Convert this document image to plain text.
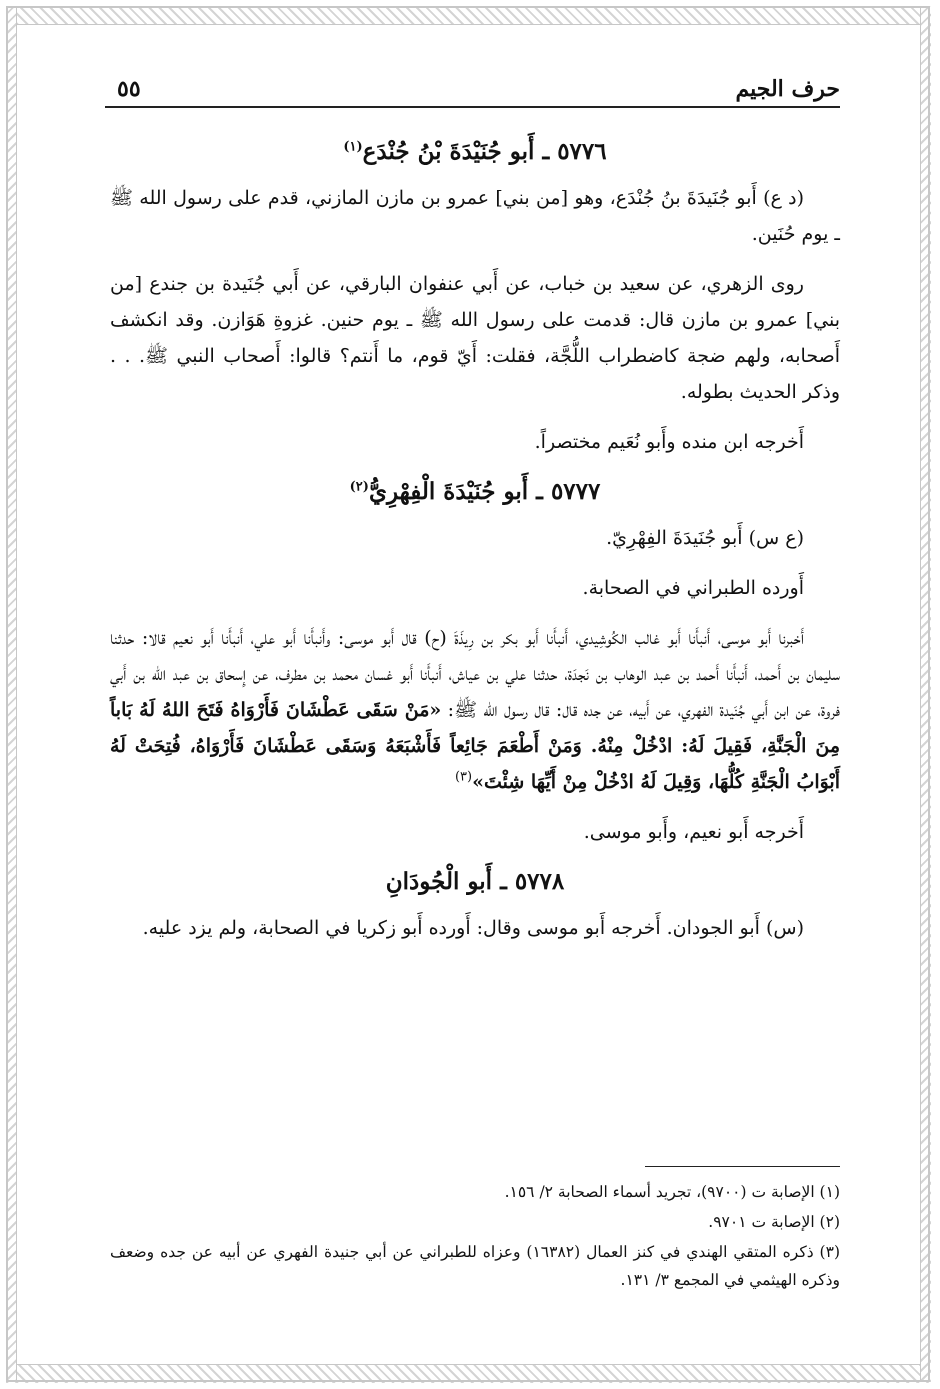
حرف الجيم
٥٥
٥٧٧٦ ـ أَبو جُنَيْدَةَ بْنُ جُنْدَع$^{(١)}$

(د ع) أَبو جُنَيدَةَ بنُ جُنْدَع، وهو [من بني] عمرو بن مازن المازني، قدم على رسول الله ﷺ ـ يوم حُنَين.

روى الزهري، عن سعيد بن خباب، عن أَبي عنفوان البارقي، عن أَبي جُنَيدة بن جندع [من بني] عمرو بن مازن قال: قدمت على رسول الله ﷺ ـ يوم حنين. غزوةِ هَوَازن. وقد انكشف أَصحابه، ولهم ضجة كاضطراب اللُّجَّة، فقلت: أَيّ قوم، ما أَنتم؟ قالوا: أَصحاب النبي ﷺ. . . وذكر الحديث بطوله.

أَخرجه ابن منده وأَبو نُعَيم مختصراً.

٥٧٧٧ ـ أَبو جُنَيْدَةَ الْفِهْرِيُّ$^{(٢)}$

(ع س) أَبو جُنَيدَةَ الفِهْرِيّ.

أَورده الطبراني في الصحابة.

أَخبرنا أَبو موسى، أَنبأَنا أَبو غالب الكُوشِيدي، أَنبأَنا أَبو بكر بن رِيذَةَ (ح) قال أَبو موسى: وأَنبأَنا أَبو علي، أَنبأَنا أَبو نعيم قالا: حدثنا سليمان بن أَحمد، أَنبأَنا أَحمد بن عبد الوهاب بن نَجدَة، حدثنا علي بن عياش، أَنبأَنا أَبو غسان محمد بن مطرف، عن إِسحاق بن عبد الله بن أَبي فروة، عن ابن أَبي جُنَيدة الفهري، عن أَبيه، عن جده قال: قال رسول الله ﷺ: «مَنْ سَقَى عَطْشَانَ فَأَرْوَاهُ فَتَحَ اللهُ لَهُ بَاباً مِنَ الْجَنَّةِ، فَقِيلَ لَهُ: ادْخُلْ مِنْهُ. وَمَنْ أَطْعَمَ جَائِعاً فَأَشْبَعَهُ وَسَقَى عَطْشَانَ فَأَرْوَاهُ، فُتِحَتْ لَهُ أَبْوَابُ الْجَنَّةِ كُلُّهَا، وَقِيلَ لَهُ ادْخُلْ مِنْ أَيِّهَا شِئْتَ»$^{(٣)}$

أَخرجه أَبو نعيم، وأَبو موسى.

٥٧٧٨ ـ أَبو الْجُودَانِ

(س) أَبو الجودان. أَخرجه أَبو موسى وقال: أَورده أَبو زكريا في الصحابة، ولم يزد عليه.

(١) الإصابة ت (٩٧٠٠)، تجريد أسماء الصحابة ٢/ ١٥٦.

(٢) الإصابة ت ٩٧٠١.

(٣) ذكره المتقي الهندي في كنز العمال (١٦٣٨٢) وعزاه للطبراني عن أبي جنيدة الفهري عن أبيه عن جده وضعف وذكره الهيثمي في المجمع ٣/ ١٣١.
